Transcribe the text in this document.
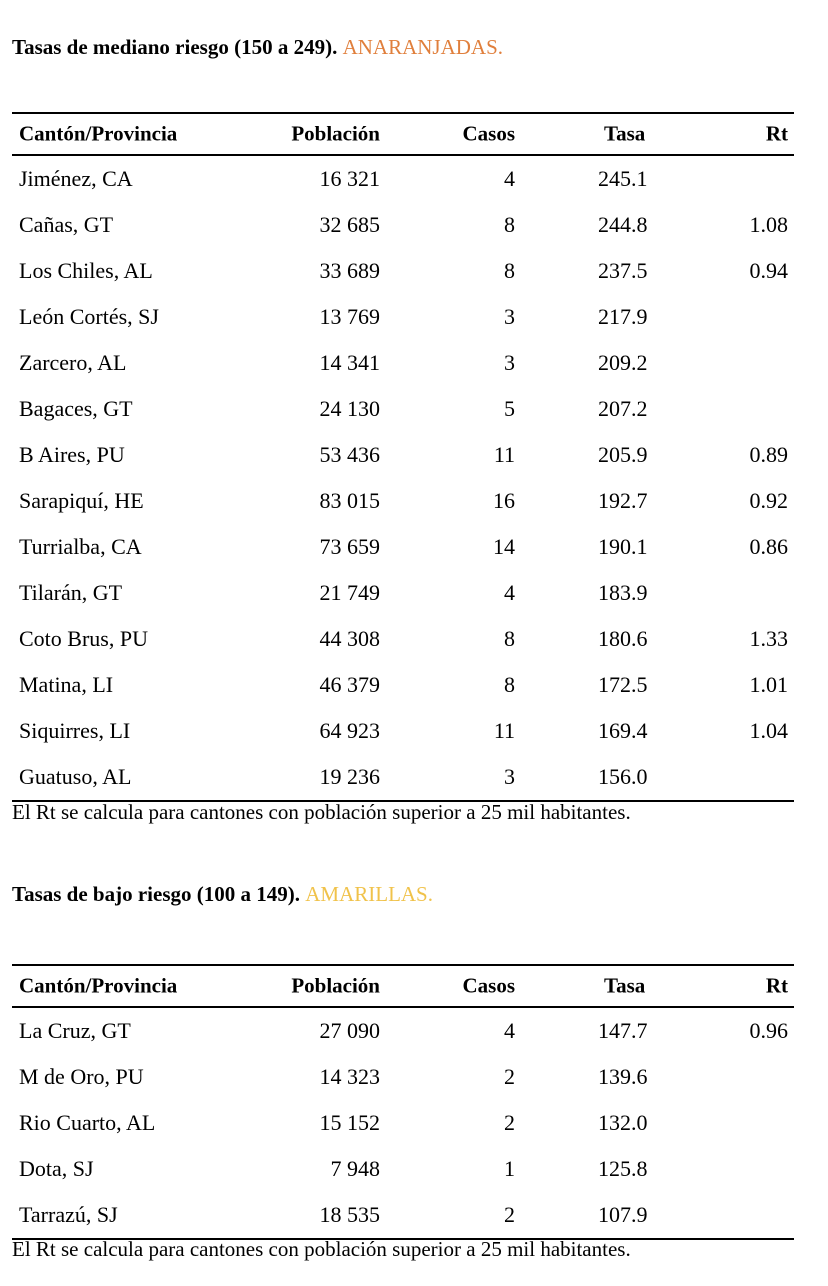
Tasas de mediano riesgo (150 a 249). ANARANJADAS.
Cantón/Provincia	Población	Casos	Tasa	Rt
Jiménez, CA	16 321	4	245.1
Cañas, GT	32 685	8	244.8	1.08
Los Chiles, AL	33 689	8	237.5	0.94
León Cortés, SJ	13 769	3	217.9
Zarcero, AL	14 341	3	209.2
Bagaces, GT	24 130	5	207.2
B Aires, PU	53 436	11	205.9	0.89
Sarapiquí, HE	83 015	16	192.7	0.92
Turrialba, CA	73 659	14	190.1	0.86
Tilarán, GT	21 749	4	183.9
Coto Brus, PU	44 308	8	180.6	1.33
Matina, LI	46 379	8	172.5	1.01
Siquirres, LI	64 923	11	169.4	1.04
Guatuso, AL	19 236	3	156.0
El Rt se calcula para cantones con población superior a 25 mil habitantes.
Tasas de bajo riesgo (100 a 149). AMARILLAS.
Cantón/Provincia	Población	Casos	Tasa	Rt
La Cruz, GT	27 090	4	147.7	0.96
M de Oro, PU	14 323	2	139.6
Rio Cuarto, AL	15 152	2	132.0
Dota, SJ	7 948	1	125.8
Tarrazú, SJ	18 535	2	107.9
El Rt se calcula para cantones con población superior a 25 mil habitantes.
